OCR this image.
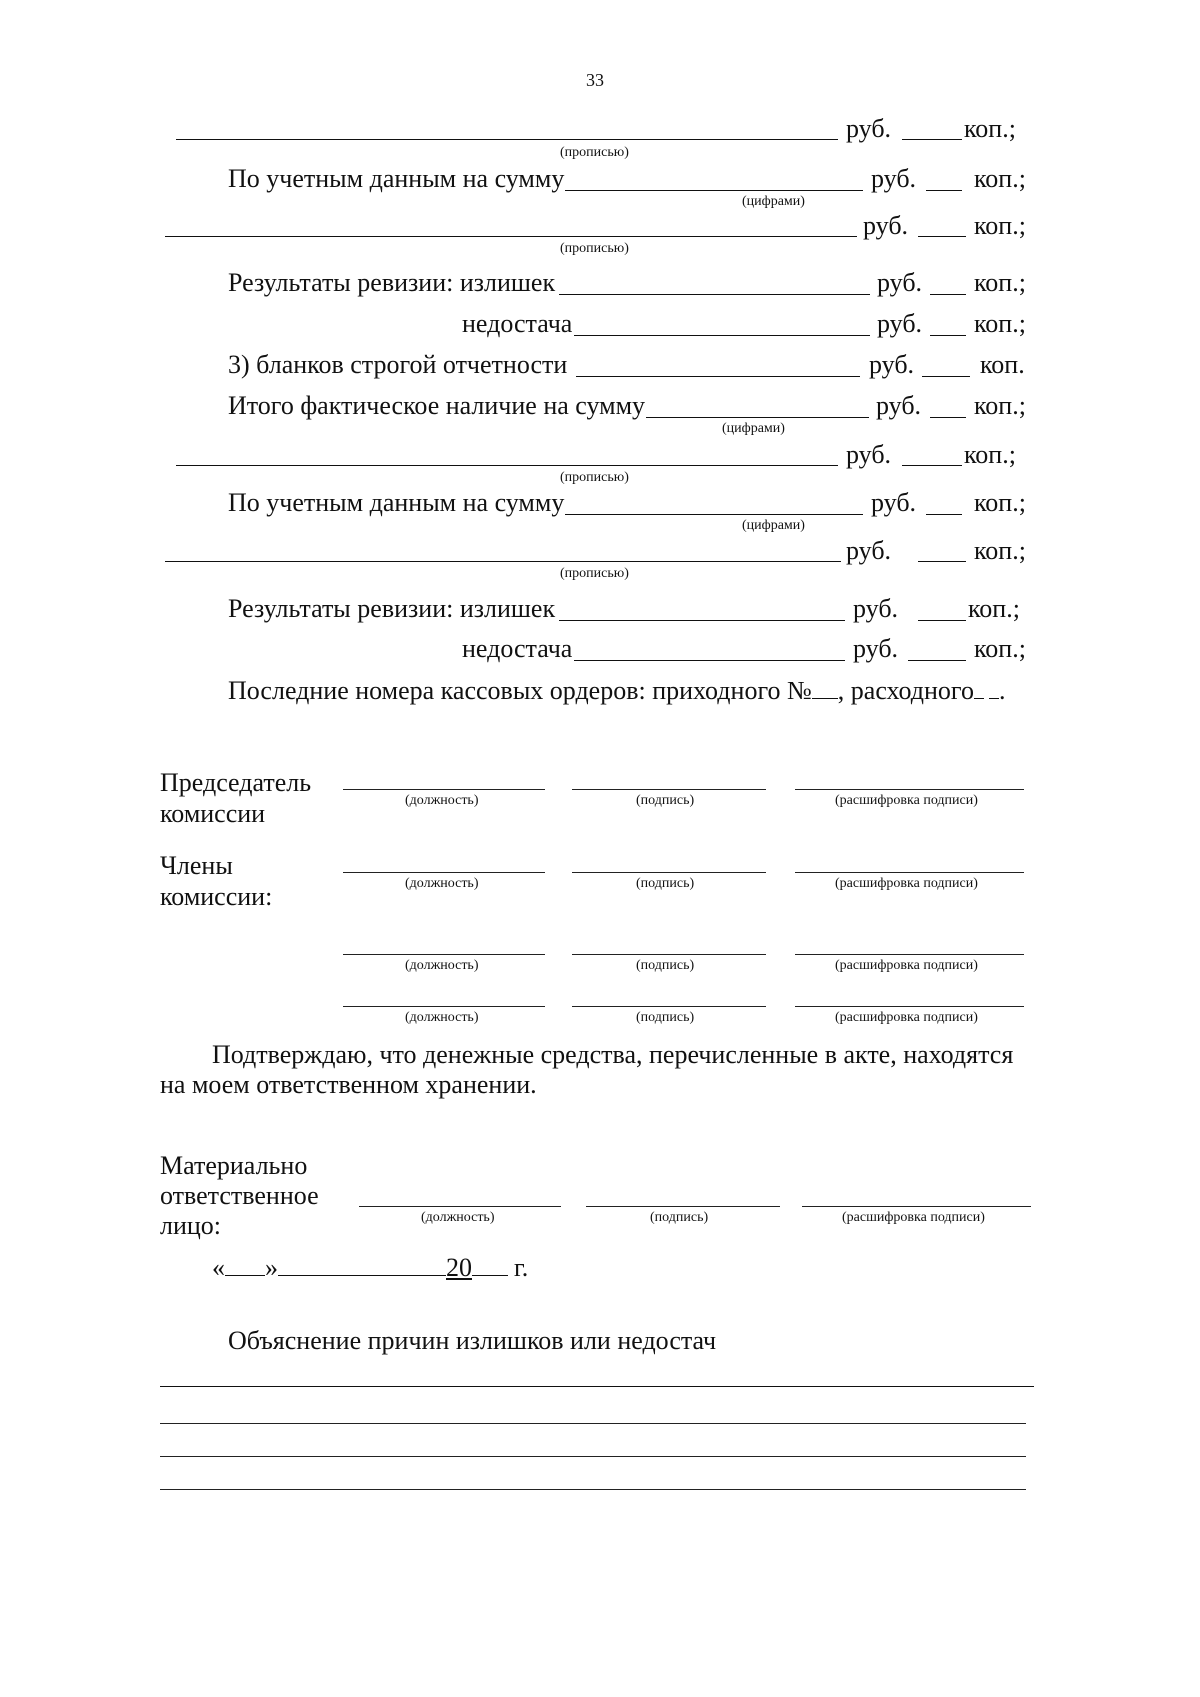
33
руб.	коп.;
(прописью)
По учетным данным на сумму	руб. коп.;
(цифрами)
руб.	коп.;
(прописью)
Результаты ревизии: излишек	руб. коп.;
недостача	руб. коп.;
3) бланков строгой отчетности	руб.	коп.
Итого фактическое наличие на сумму	руб. коп.;
(цифрами)
руб.	коп.;
(прописью)
По учетным данным на сумму	руб. коп.;
(цифрами)
руб.	коп.;
(прописью)
Результаты ревизии: излишек	руб.	коп.;
недостача	руб.	коп.;
Последние номера кассовых ордеров: приходного № , расходного .
Председатель
комиссии	(должность)	(подпись)	(расшифровка подписи)
Члены
комиссии:	(должность)	(подпись)	(расшифровка подписи)
(должность)	(подпись)	(расшифровка подписи)
(должность)	(подпись)	(расшифровка подписи)
Подтверждаю, что денежные средства, перечисленные в акте, находятся
на моем ответственном хранении.
Материально
ответственное
лицо:	(должность)	(подпись)	(расшифровка подписи)
« »	20 г.
Объяснение причин излишков или недостач
